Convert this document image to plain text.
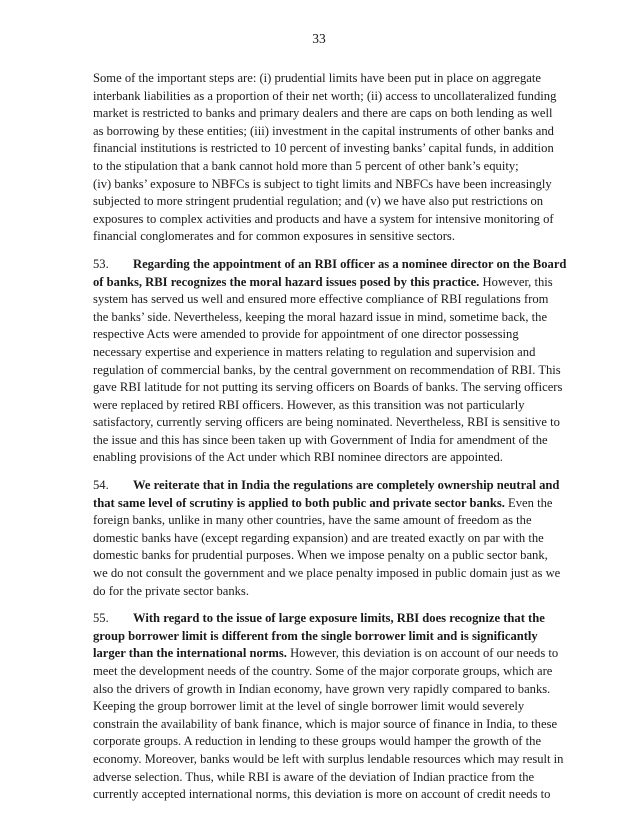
33
Some of the important steps are: (i) prudential limits have been put in place on aggregate
interbank liabilities as a proportion of their net worth; (ii) access to uncollateralized funding
market is restricted to banks and primary dealers and there are caps on both lending as well
as borrowing by these entities; (iii) investment in the capital instruments of other banks and
financial institutions is restricted to 10 percent of investing banks’ capital funds, in addition
to the stipulation that a bank cannot hold more than 5 percent of other bank’s equity;
(iv) banks’ exposure to NBFCs is subject to tight limits and NBFCs have been increasingly
subjected to more stringent prudential regulation; and (v) we have also put restrictions on
exposures to complex activities and products and have a system for intensive monitoring of
financial conglomerates and for common exposures in sensitive sectors.
53. Regarding the appointment of an RBI officer as a nominee director on the Board
of banks, RBI recognizes the moral hazard issues posed by this practice. However, this
system has served us well and ensured more effective compliance of RBI regulations from
the banks’ side. Nevertheless, keeping the moral hazard issue in mind, sometime back, the
respective Acts were amended to provide for appointment of one director possessing
necessary expertise and experience in matters relating to regulation and supervision and
regulation of commercial banks, by the central government on recommendation of RBI. This
gave RBI latitude for not putting its serving officers on Boards of banks. The serving officers
were replaced by retired RBI officers. However, as this transition was not particularly
satisfactory, currently serving officers are being nominated. Nevertheless, RBI is sensitive to
the issue and this has since been taken up with Government of India for amendment of the
enabling provisions of the Act under which RBI nominee directors are appointed.
54. We reiterate that in India the regulations are completely ownership neutral and
that same level of scrutiny is applied to both public and private sector banks. Even the
foreign banks, unlike in many other countries, have the same amount of freedom as the
domestic banks have (except regarding expansion) and are treated exactly on par with the
domestic banks for prudential purposes. When we impose penalty on a public sector bank,
we do not consult the government and we place penalty imposed in public domain just as we
do for the private sector banks.
55. With regard to the issue of large exposure limits, RBI does recognize that the
group borrower limit is different from the single borrower limit and is significantly
larger than the international norms. However, this deviation is on account of our needs to
meet the development needs of the country. Some of the major corporate groups, which are
also the drivers of growth in Indian economy, have grown very rapidly compared to banks.
Keeping the group borrower limit at the level of single borrower limit would severely
constrain the availability of bank finance, which is major source of finance in India, to these
corporate groups. A reduction in lending to these groups would hamper the growth of the
economy. Moreover, banks would be left with surplus lendable resources which may result in
adverse selection. Thus, while RBI is aware of the deviation of Indian practice from the
currently accepted international norms, this deviation is more on account of credit needs to
